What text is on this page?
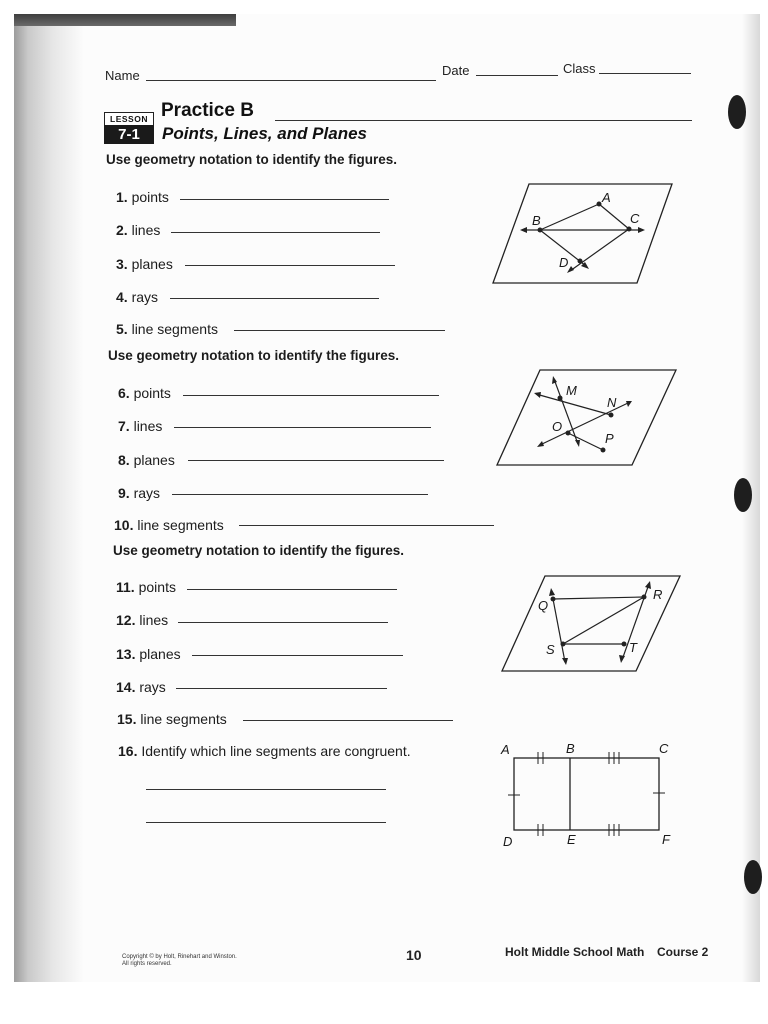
Name	Date	Class
LESSON
7-1
Practice B
Points, Lines, and Planes
Use geometry notation to identify the figures.
1. points
2. lines
3. planes
4. rays
5. line segments
A
B	C
D
Use geometry notation to identify the figures.
6. points
7. lines
8. planes
9. rays
10. line segments
M
N
O
P
Use geometry notation to identify the figures.
11. points
12. lines
13. planes
14. rays
15. line segments
Q
R
S	T
16. Identify which line segments are congruent.	A	B	C
D	E	F
Copyright © by Holt, Rinehart and Winston.
All rights reserved.
10	Holt Middle School Math Course 2
